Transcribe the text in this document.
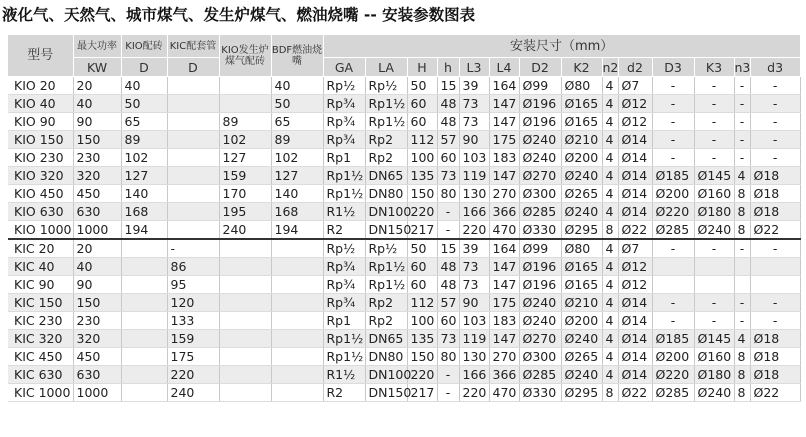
液化气、天然气、城市煤气、发生炉煤气、燃油烧嘴 -- 安装参数图表
型号	最大功率	KIO配砖	KIC配套管	KIO发生炉煤气配砖	BDF燃油烧嘴	安装尺寸（mm）													
	KW	D	D			GA	LA	H	h	L3	L4	D2	K2	n2	d2	D3	K3	n3	d3
KIO 20	20	40			40	Rp½	Rp½	50	15	39	164	Ø99	Ø80	4	Ø7	-	-	-	-
KIO 40	40	50			50	Rp¾	Rp1½	60	48	73	147	Ø196	Ø165	4	Ø12	-	-	-	-
KIO 90	90	65		89	65	Rp¾	Rp1½	60	48	73	147	Ø196	Ø165	4	Ø12	-	-	-	-
KIO 150	150	89		102	89	Rp¾	Rp2	112	57	90	175	Ø240	Ø210	4	Ø14	-	-	-	-
KIO 230	230	102		127	102	Rp1	Rp2	100	60	103	183	Ø240	Ø200	4	Ø14	-	-	-	-
KIO 320	320	127		159	127	Rp1½	DN65	135	73	119	147	Ø270	Ø240	4	Ø14	Ø185	Ø145	4	Ø18
KIO 450	450	140		170	140	Rp1½	DN80	150	80	130	270	Ø300	Ø265	4	Ø14	Ø200	Ø160	8	Ø18
KIO 630	630	168		195	168	R1½	DN100	220	-	166	366	Ø285	Ø240	4	Ø14	Ø220	Ø180	8	Ø18
KIO 1000	1000	194		240	194	R2	DN150	217	-	220	470	Ø330	Ø295	8	Ø22	Ø285	Ø240	8	Ø22
KIC 20	20		-			Rp½	Rp½	50	15	39	164	Ø99	Ø80	4	Ø7	-	-	-	-
KIC 40	40		86			Rp¾	Rp1½	60	48	73	147	Ø196	Ø165	4	Ø12				
KIC 90	90		95			Rp¾	Rp1½	60	48	73	147	Ø196	Ø165	4	Ø12				
KIC 150	150		120			Rp¾	Rp2	112	57	90	175	Ø240	Ø210	4	Ø14	-	-	-	-
KIC 230	230		133			Rp1	Rp2	100	60	103	183	Ø240	Ø200	4	Ø14	-	-	-	-
KIC 320	320		159			Rp1½	DN65	135	73	119	147	Ø270	Ø240	4	Ø14	Ø185	Ø145	4	Ø18
KIC 450	450		175			Rp1½	DN80	150	80	130	270	Ø300	Ø265	4	Ø14	Ø200	Ø160	8	Ø18
KIC 630	630		220			R1½	DN100	220	-	166	366	Ø285	Ø240	4	Ø14	Ø220	Ø180	8	Ø18
KIC 1000	1000		240			R2	DN150	217	-	220	470	Ø330	Ø295	8	Ø22	Ø285	Ø240	8	Ø22
